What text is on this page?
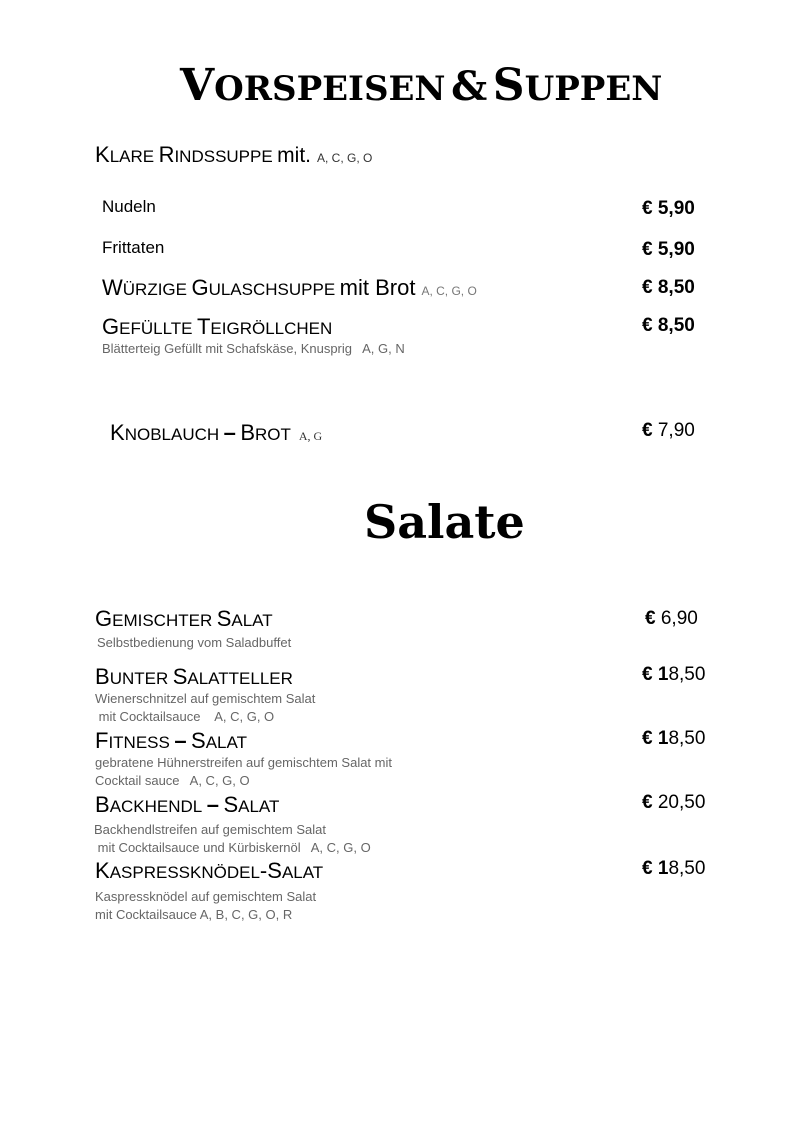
VORSPEISEN & SUPPEN
KLARE RINDSSUPPE mit. A, C, G, O
Nudeln	€ 5,90
Frittaten	€ 5,90
WÜRZIGE GULASCHSUPPE mit Brot A, C, G, O	€ 8,50
GEFÜLLTE TEIGRÖLLCHEN
Blätterteig Gefüllt mit Schafskäse, Knusprig   A, G, N
€ 8,50
KNOBLAUCH – BROT A, G	€ 7,90
Salate
GEMISCHTER SALAT
Selbstbedienung vom Saladbuffet
€ 6,90
BUNTER SALATTELLER
Wienerschnitzel auf gemischtem Salat
mit Cocktailsauce    A, C, G, O
€ 18,50
FITNESS – SALAT
gebratene Hühnerstreifen auf gemischtem Salat mit
Cocktail sauce   A, C, G, O
€ 18,50
BACKHENDL – SALAT
Backhendlstreifen auf gemischtem Salat
mit Cocktailsauce und Kürbiskernöl   A, C, G, O
€ 20,50
KASPRESSKNÖDEL-SALAT
Kaspressknödel auf gemischtem Salat
mit Cocktailsauce A, B, C, G, O, R
€ 18,50
